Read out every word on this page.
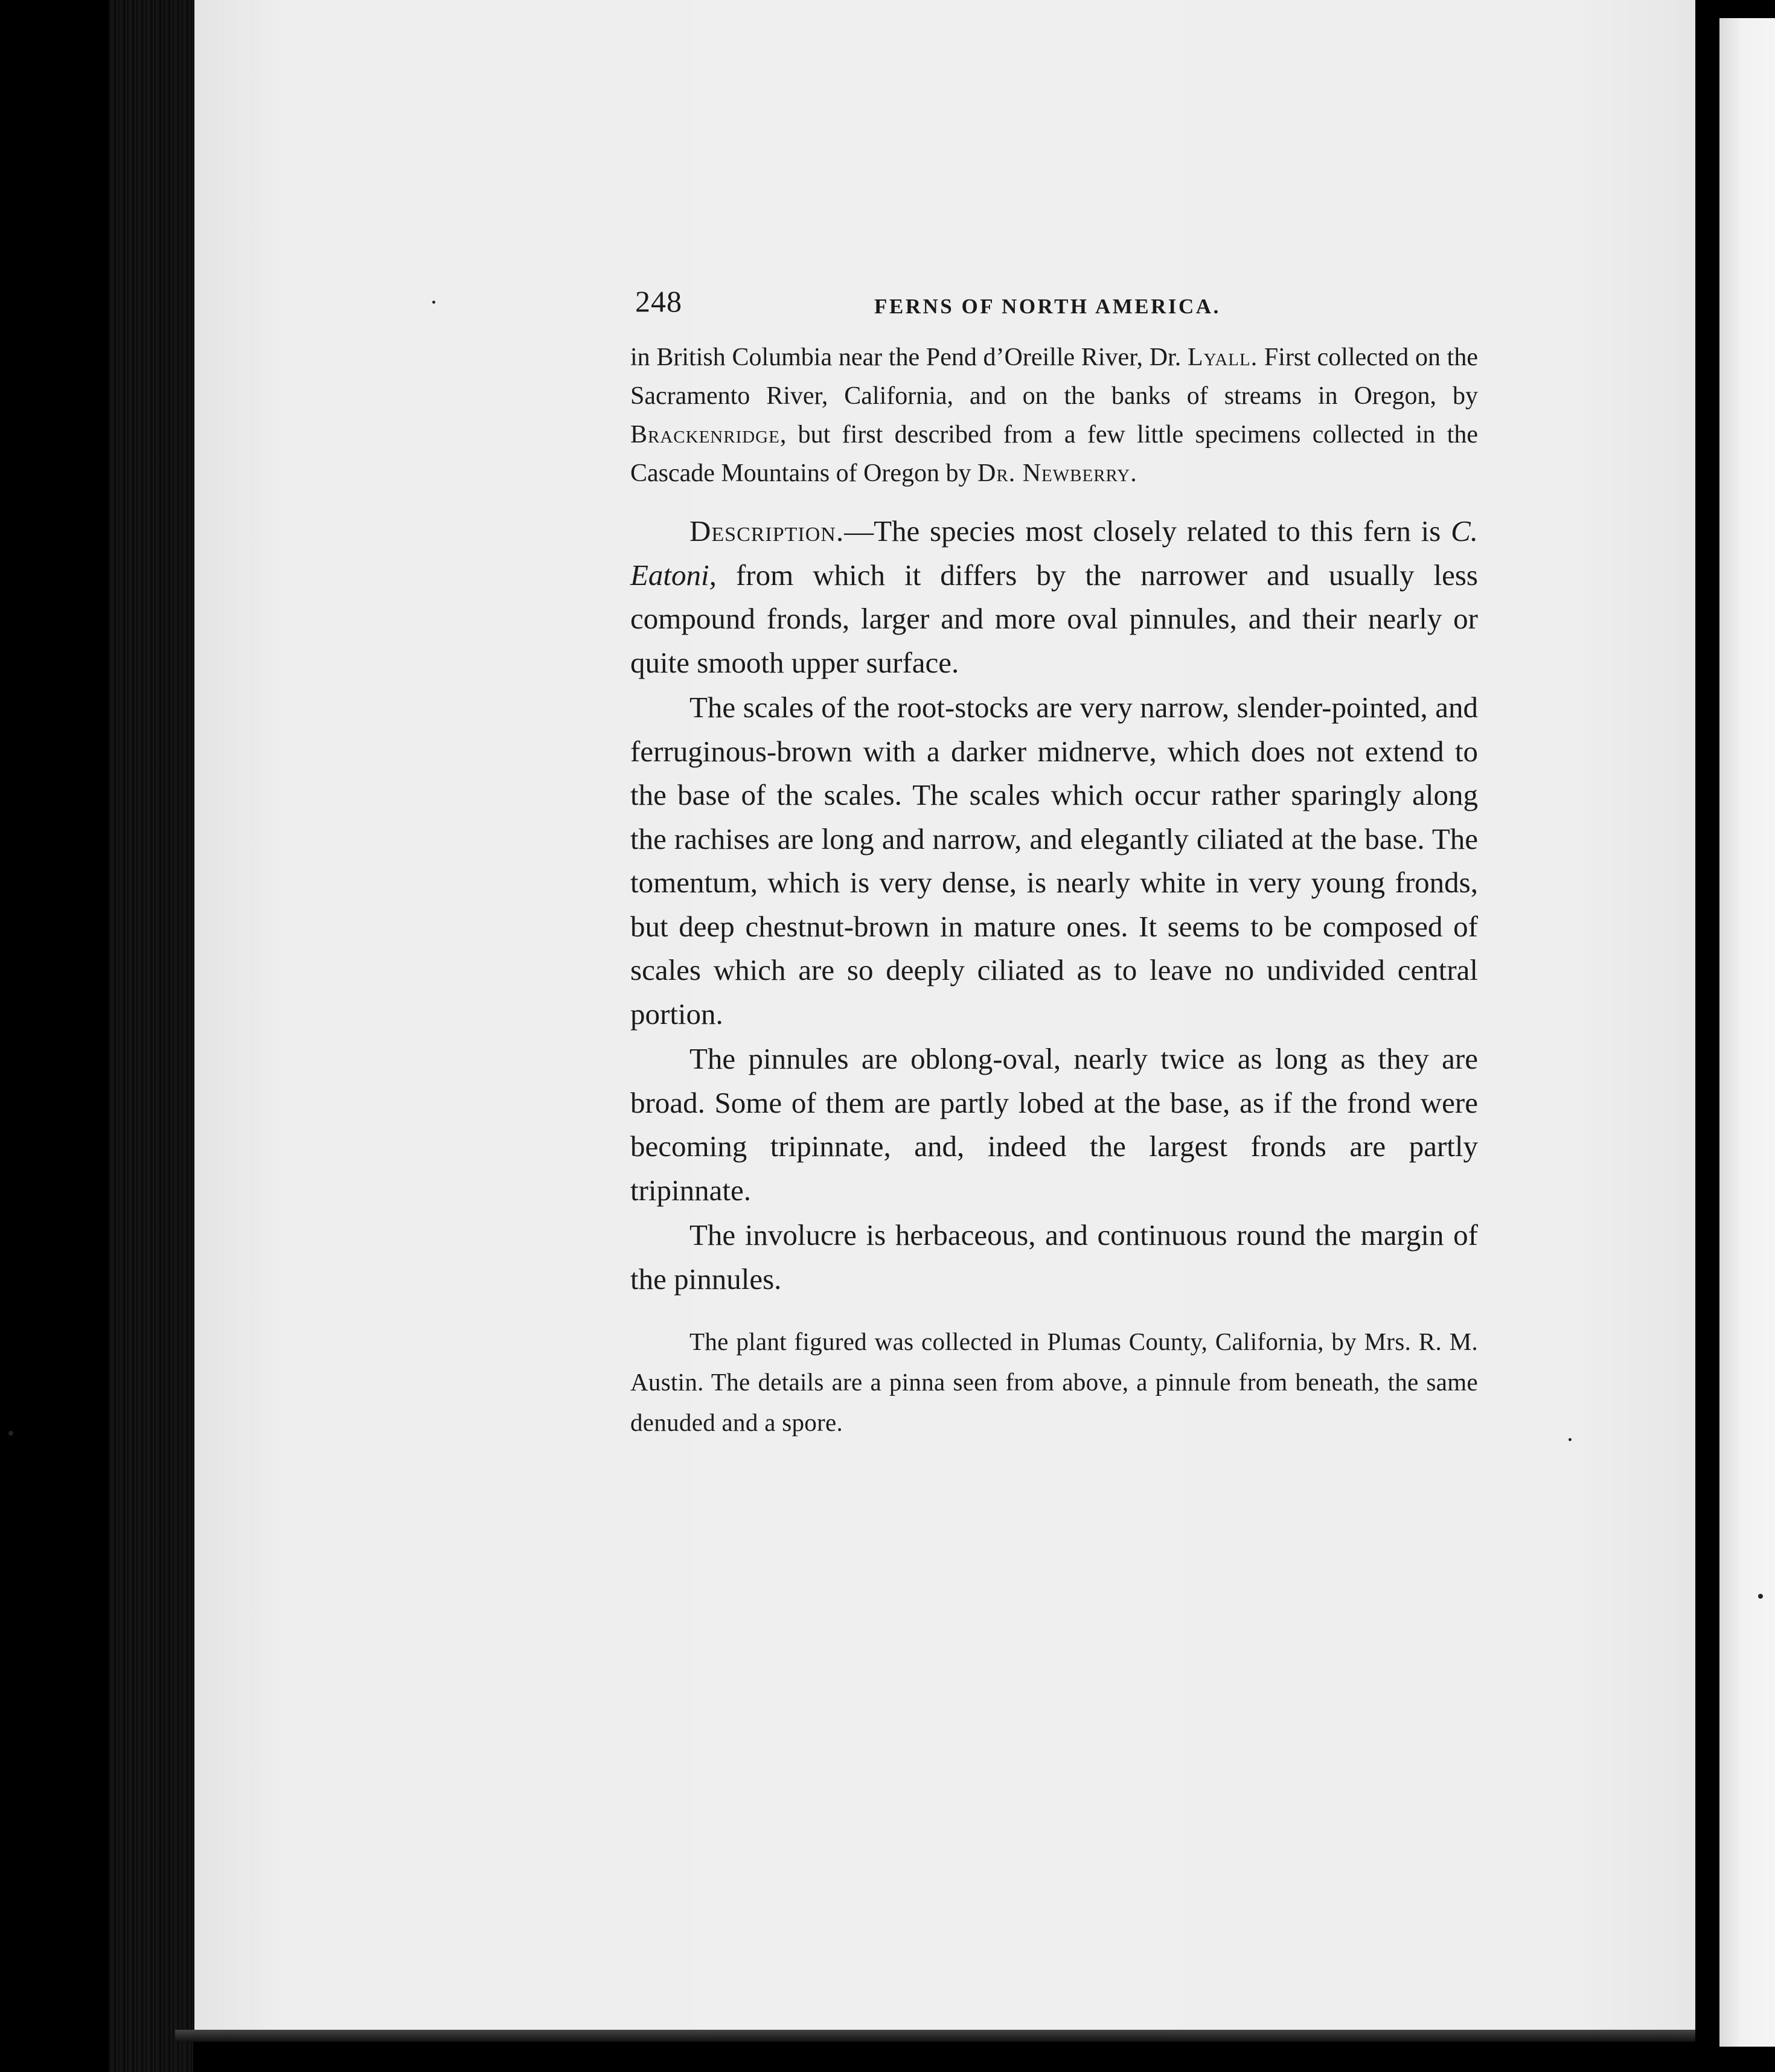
248	FERNS OF NORTH AMERICA.

in British Columbia near the Pend d’Oreille River, Dr. Lyall. First collected on the Sacramento River, California, and on the banks of streams in Oregon, by Brackenridge, but first described from a few little specimens collected in the Cascade Mountains of Oregon by Dr. Newberry.

Description.—The species most closely related to this fern is C. Eatoni, from which it differs by the narrower and usually less compound fronds, larger and more oval pinnules, and their nearly or quite smooth upper surface.

The scales of the root-stocks are very narrow, slender-pointed, and ferruginous-brown with a darker midnerve, which does not extend to the base of the scales. The scales which occur rather sparingly along the rachises are long and narrow, and elegantly ciliated at the base. The tomentum, which is very dense, is nearly white in very young fronds, but deep chestnut-brown in mature ones. It seems to be composed of scales which are so deeply ciliated as to leave no undivided central portion.

The pinnules are oblong-oval, nearly twice as long as they are broad. Some of them are partly lobed at the base, as if the frond were becoming tripinnate, and, indeed the largest fronds are partly tripinnate.

The involucre is herbaceous, and continuous round the margin of the pinnules.

The plant figured was collected in Plumas County, California, by Mrs. R. M. Austin. The details are a pinna seen from above, a pinnule from beneath, the same denuded and a spore.
